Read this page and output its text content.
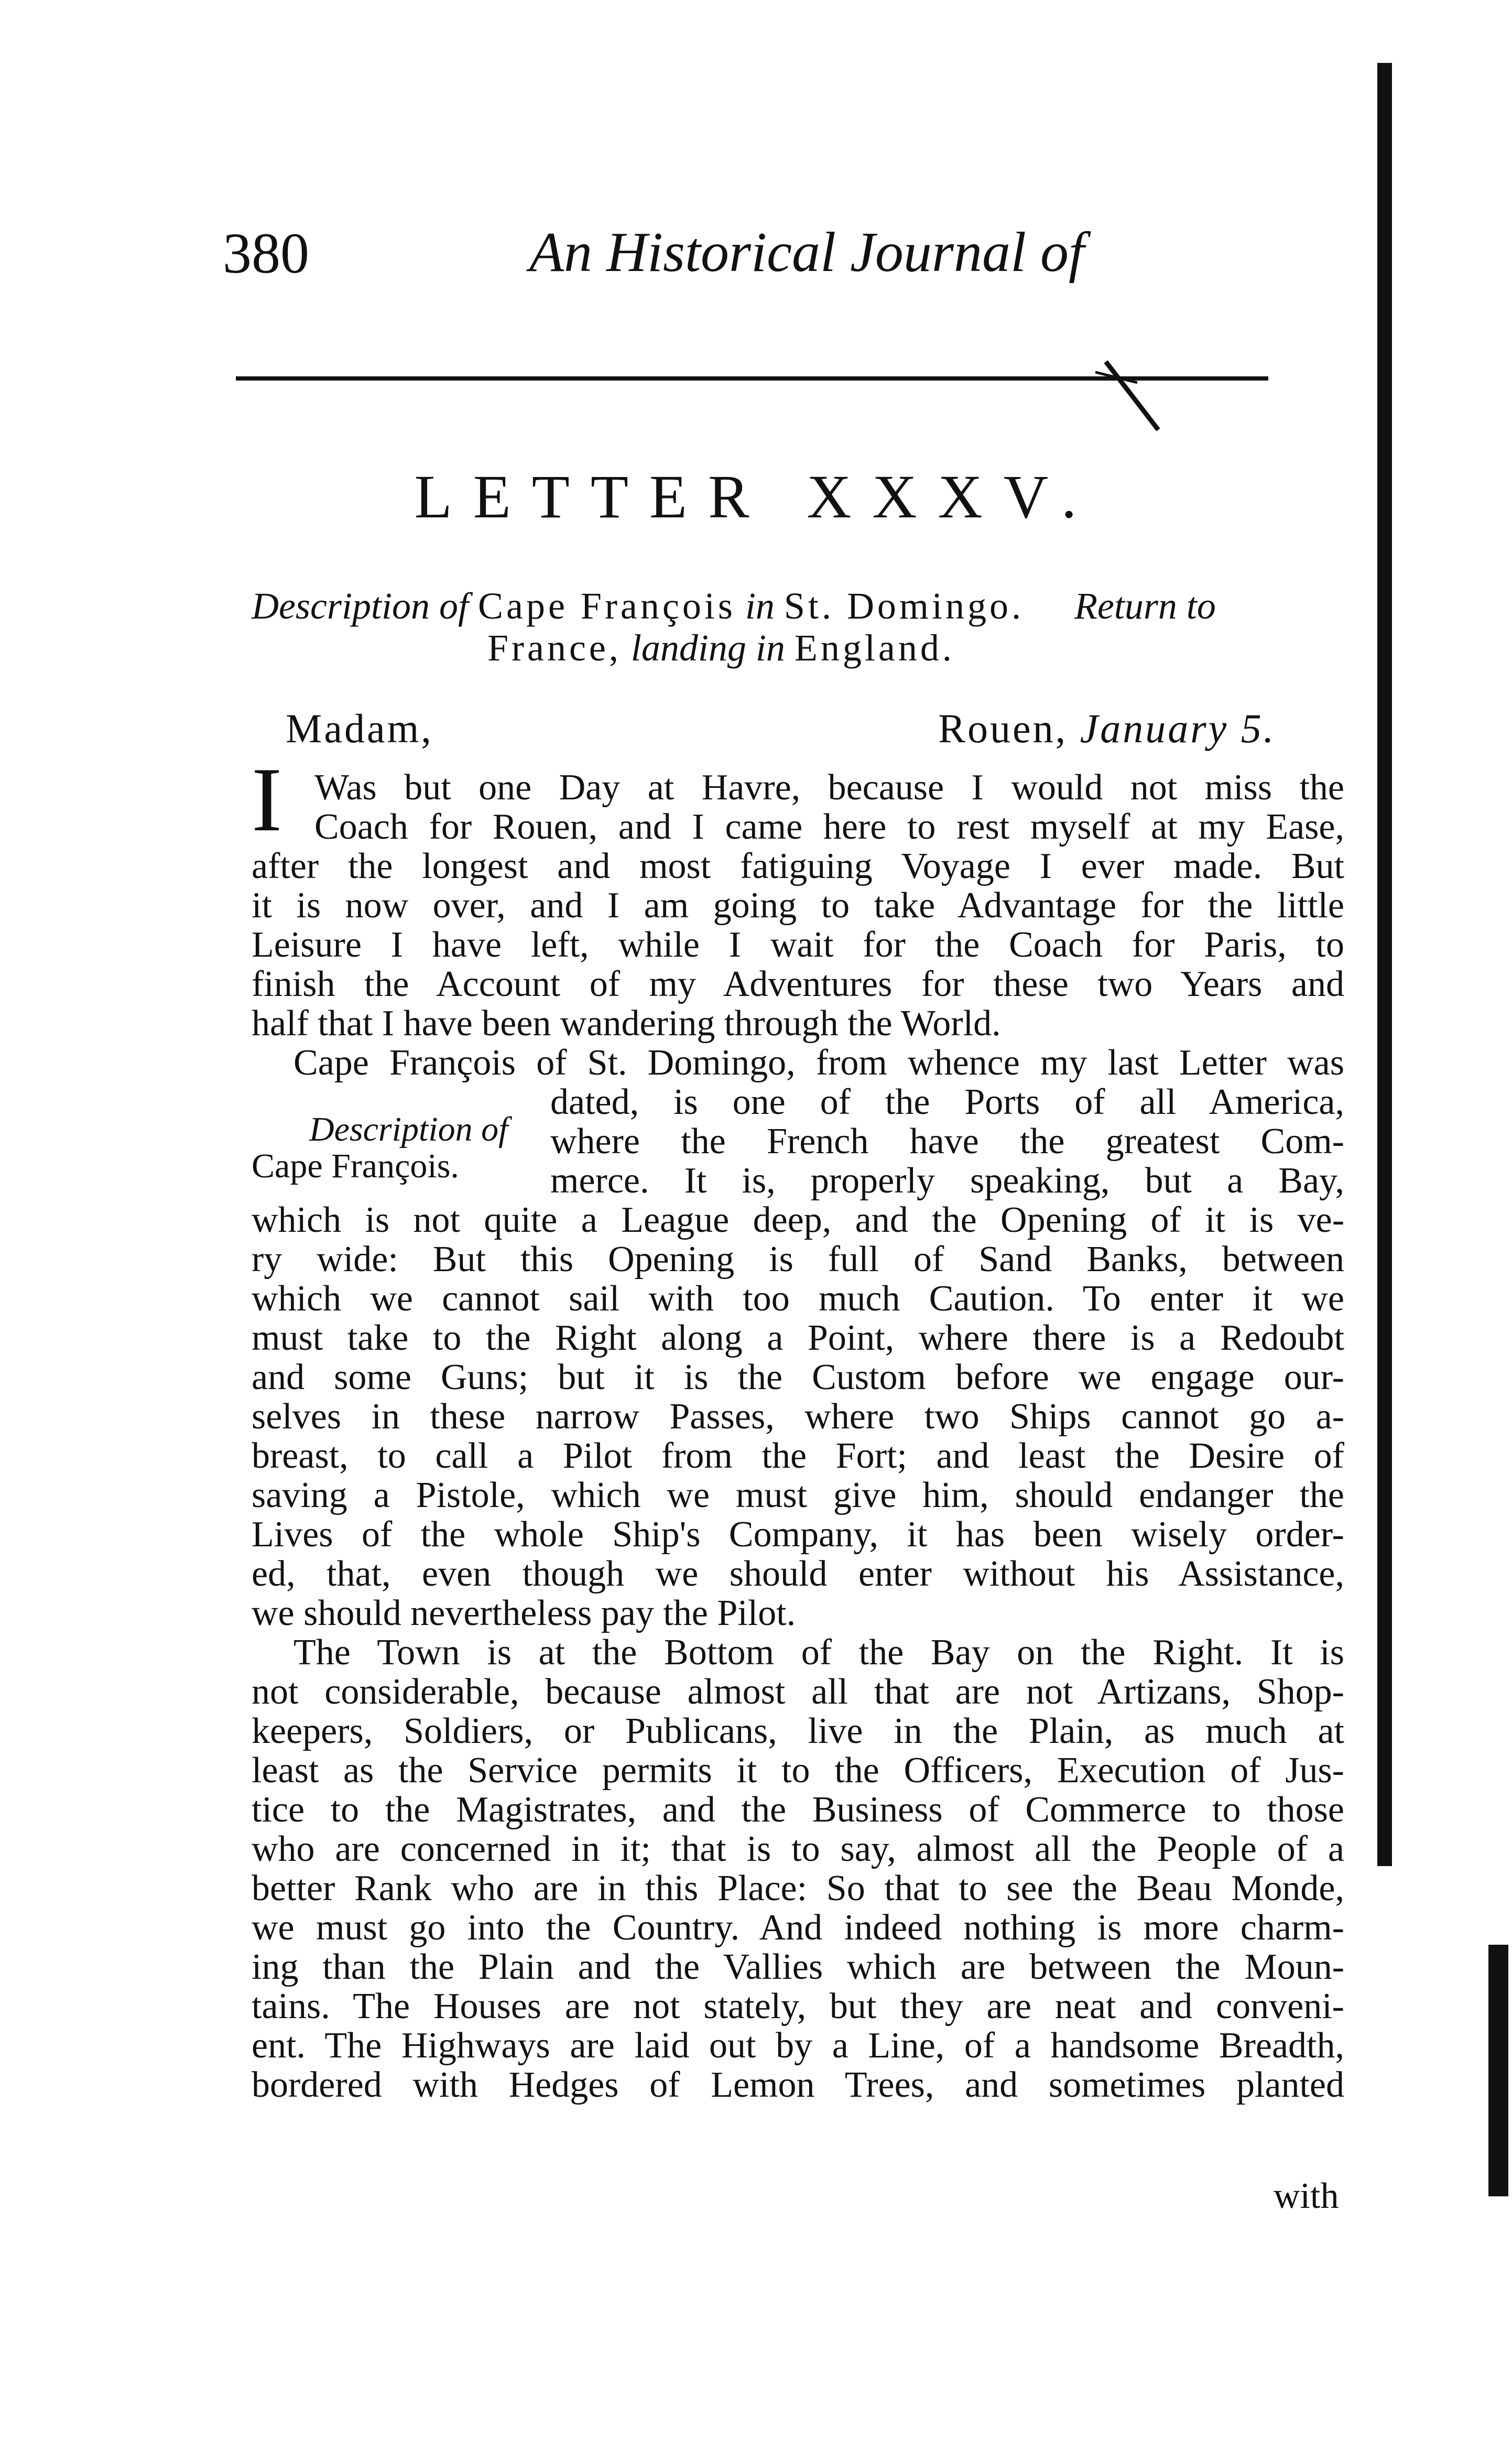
380	An Historical Journal of
LETTER XXXV.
Description of Cape François in St. Domingo. Return to
France, landing in England.
Madam,	Rouen, January 5.
I
Description of
Cape François.
Was but one Day at Havre, because I would not miss the
Coach for Rouen, and I came here to rest myself at my Ease,
after the longest and most fatiguing Voyage I ever made. But
it is now over, and I am going to take Advantage for the little
Leisure I have left, while I wait for the Coach for Paris, to
finish the Account of my Adventures for these two Years and
half that I have been wandering through the World.
Cape François of St. Domingo, from whence my last Letter was
dated, is one of the Ports of all America,
where the French have the greatest Com-
merce. It is, properly speaking, but a Bay,
which is not quite a League deep, and the Opening of it is ve-
ry wide: But this Opening is full of Sand Banks, between
which we cannot sail with too much Caution. To enter it we
must take to the Right along a Point, where there is a Redoubt
and some Guns; but it is the Custom before we engage our-
selves in these narrow Passes, where two Ships cannot go a-
breast, to call a Pilot from the Fort; and least the Desire of
saving a Pistole, which we must give him, should endanger the
Lives of the whole Ship's Company, it has been wisely order-
ed, that, even though we should enter without his Assistance,
we should nevertheless pay the Pilot.
The Town is at the Bottom of the Bay on the Right. It is
not considerable, because almost all that are not Artizans, Shop-
keepers, Soldiers, or Publicans, live in the Plain, as much at
least as the Service permits it to the Officers, Execution of Jus-
tice to the Magistrates, and the Business of Commerce to those
who are concerned in it; that is to say, almost all the People of a
better Rank who are in this Place: So that to see the Beau Monde,
we must go into the Country. And indeed nothing is more charm-
ing than the Plain and the Vallies which are between the Moun-
tains. The Houses are not stately, but they are neat and conveni-
ent. The Highways are laid out by a Line, of a handsome Breadth,
bordered with Hedges of Lemon Trees, and sometimes planted
with
